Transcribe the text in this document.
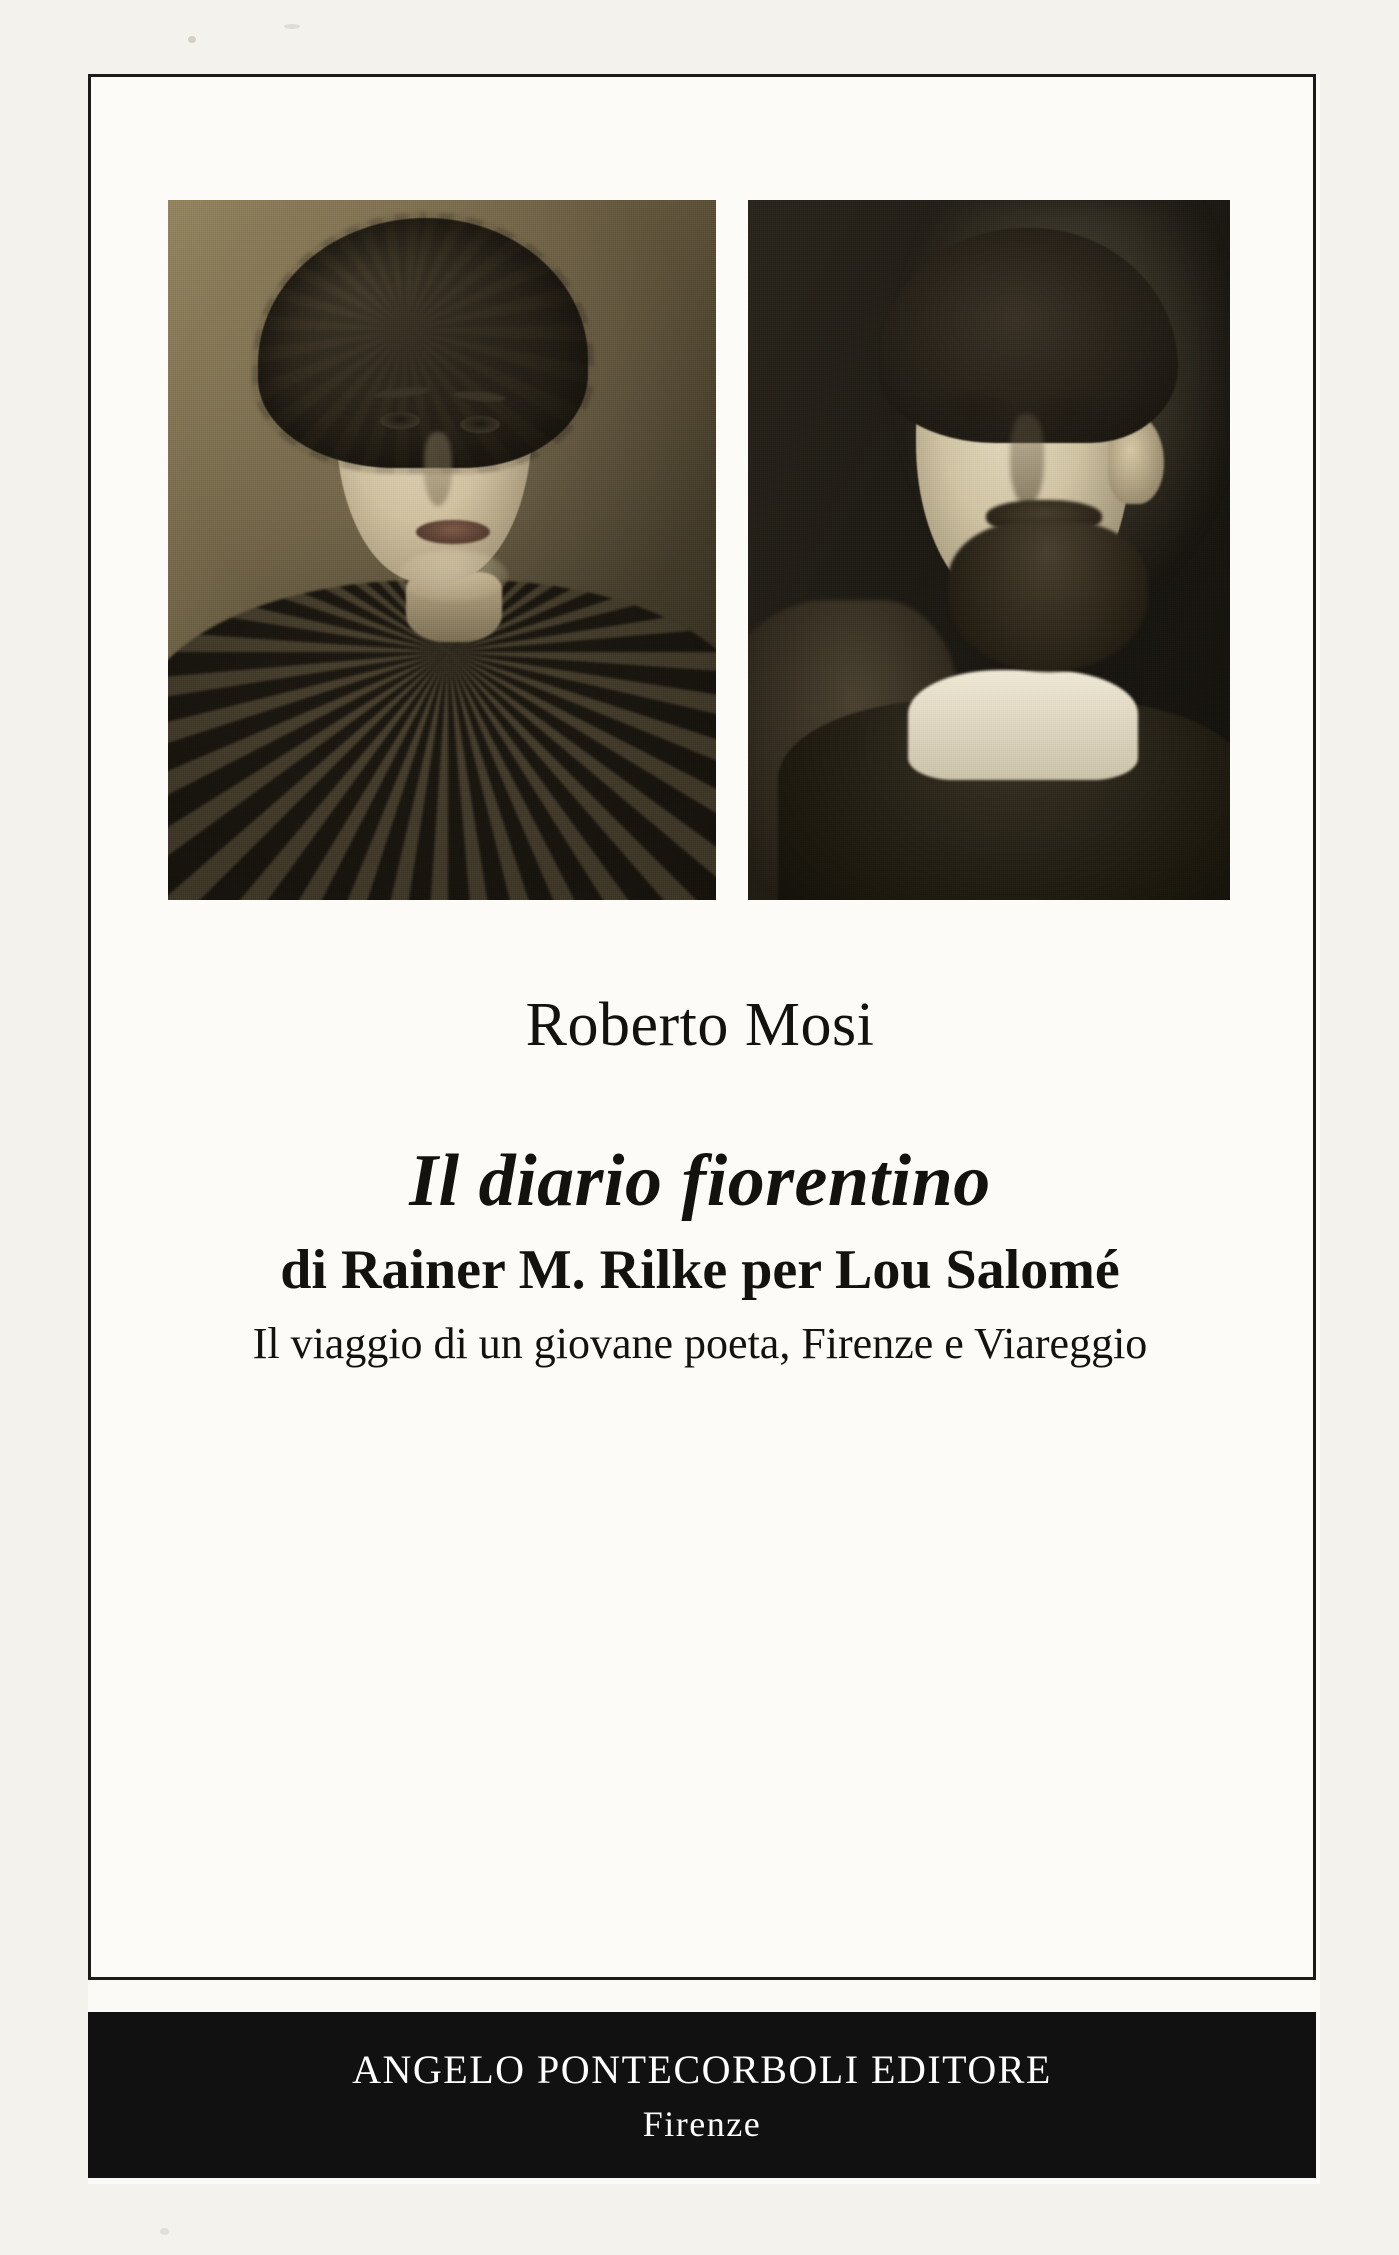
Roberto Mosi
Il diario fiorentino
di Rainer M. Rilke per Lou Salomé
Il viaggio di un giovane poeta, Firenze e Viareggio
ANGELO PONTECORBOLI EDITORE
Firenze
